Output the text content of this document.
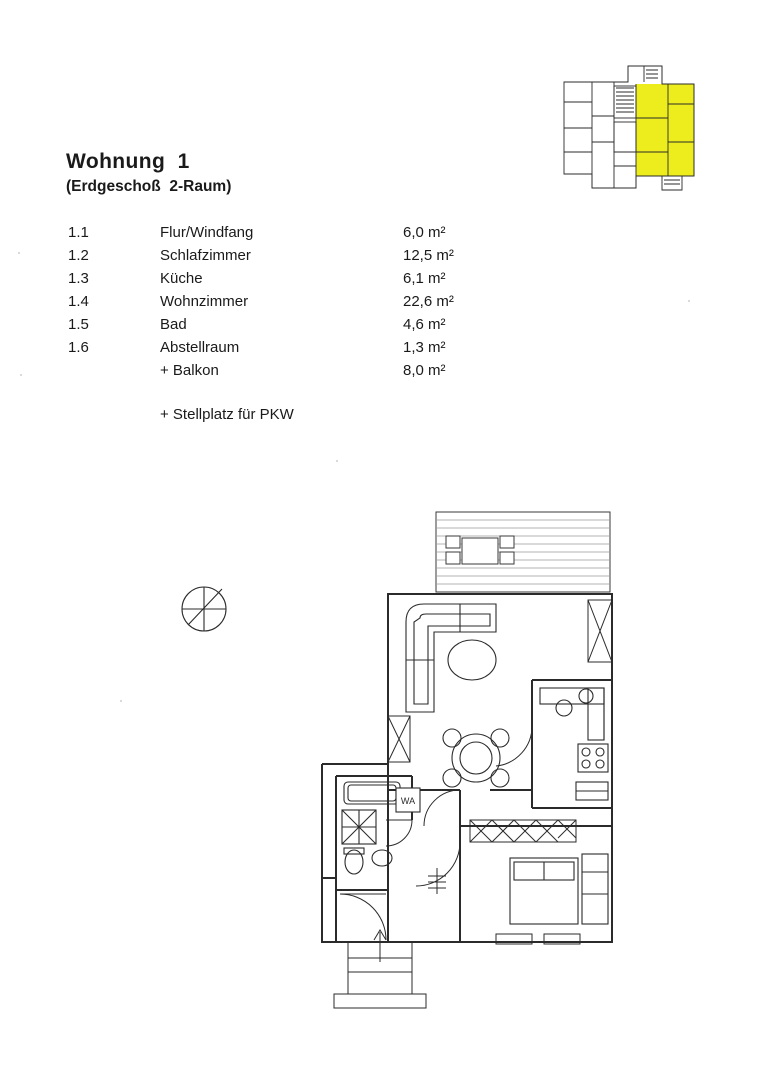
Wohnung  1
(Erdgeschoß  2-Raum)
1.1	Flur/Windfang	6,0 m²
1.2	Schlafzimmer	12,5 m²
1.3	Küche	6,1 m²
1.4	Wohnzimmer	22,6 m²
1.5	Bad	4,6 m²
1.6	Abstellraum	1,3 m²
	+ Balkon	8,0 m²
+ Stellplatz für PKW
WA
